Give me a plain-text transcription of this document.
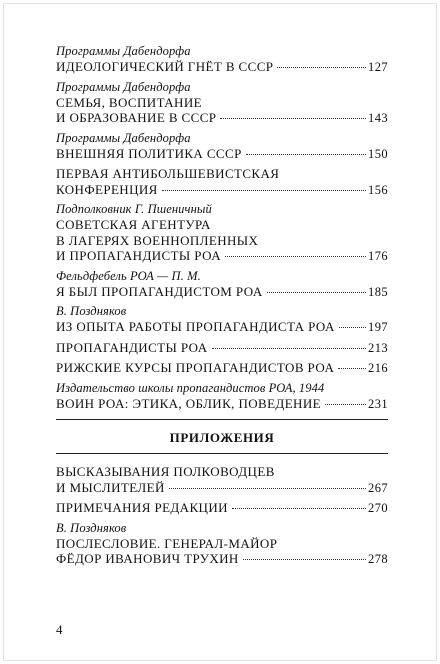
Программы Дабендорфа
ИДЕОЛОГИЧЕСКИЙ ГНЁТ В СССР	127
Программы Дабендорфа
СЕМЬЯ, ВОСПИТАНИЕ
И ОБРАЗОВАНИЕ В СССР	143
Программы Дабендорфа
ВНЕШНЯЯ ПОЛИТИКА СССР	150
ПЕРВАЯ АНТИБОЛЬШЕВИСТСКАЯ
КОНФЕРЕНЦИЯ	156
Подполковник Г. Пшеничный
СОВЕТСКАЯ АГЕНТУРА
В ЛАГЕРЯХ ВОЕННОПЛЕННЫХ
И ПРОПАГАНДИСТЫ РОА	176
Фельдфебель РОА — П. М.
Я БЫЛ ПРОПАГАНДИСТОМ РОА	185
В. Поздняков
ИЗ ОПЫТА РАБОТЫ ПРОПАГАНДИСТА РОА	197
ПРОПАГАНДИСТЫ РОА	213
РИЖСКИЕ КУРСЫ ПРОПАГАНДИСТОВ РОА	216
Издательство школы пропагандистов РОА, 1944
ВОИН РОА: ЭТИКА, ОБЛИК, ПОВЕДЕНИЕ	231
ПРИЛОЖЕНИЯ
ВЫСКАЗЫВАНИЯ ПОЛКОВОДЦЕВ
И МЫСЛИТЕЛЕЙ	267
ПРИМЕЧАНИЯ РЕДАКЦИИ	270
В. Поздняков
ПОСЛЕСЛОВИЕ. ГЕНЕРАЛ-МАЙОР
ФЁДОР ИВАНОВИЧ ТРУХИН	278
4
